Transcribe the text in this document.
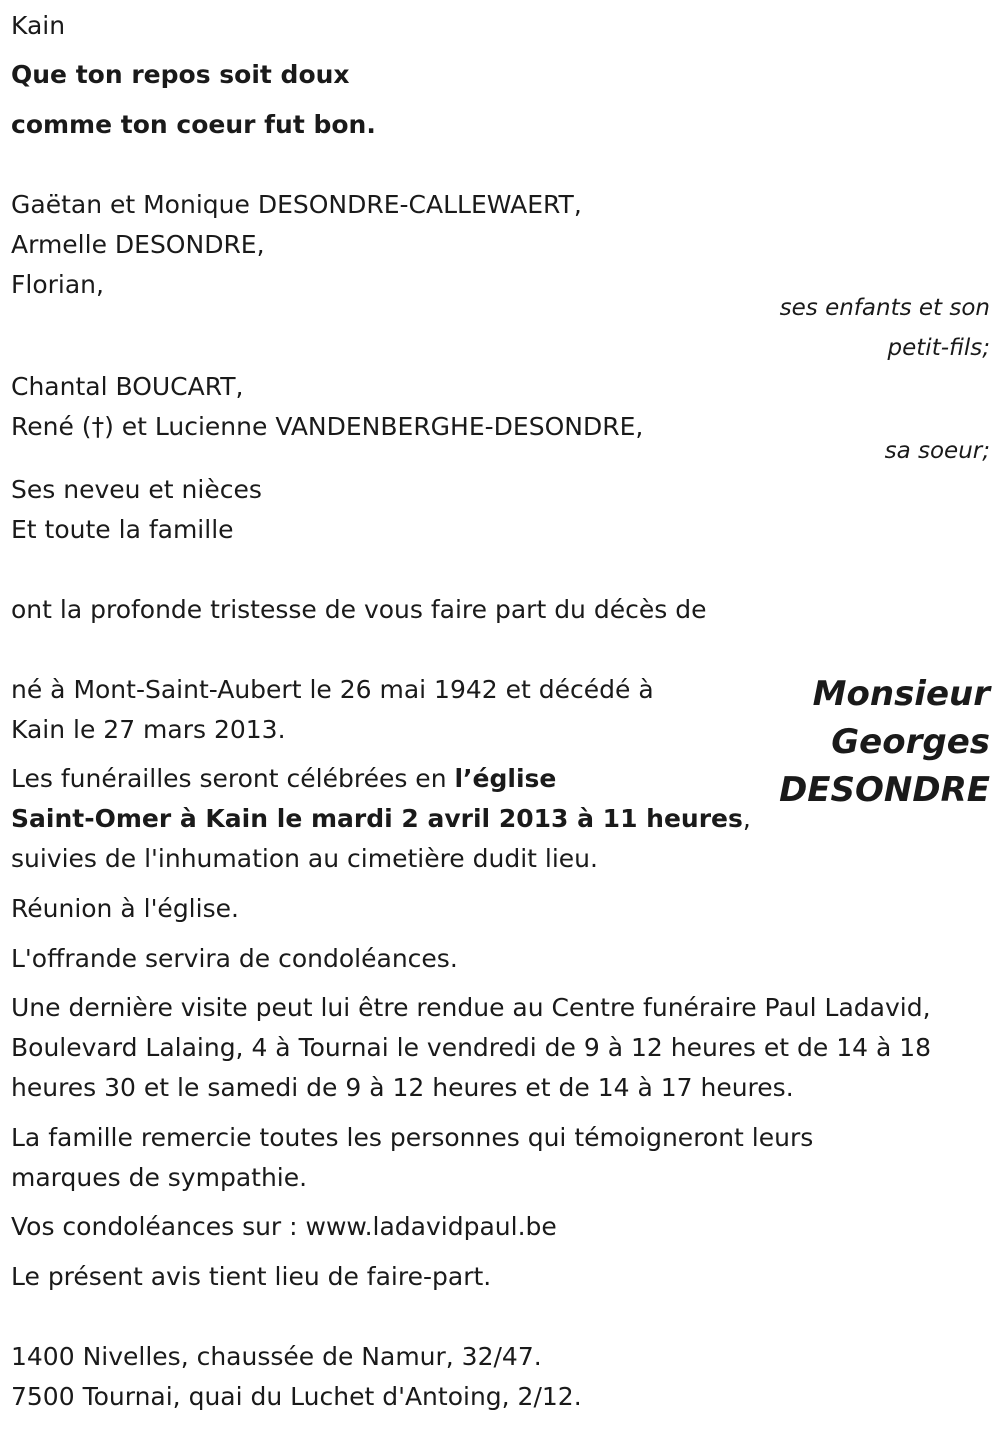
Kain
Que ton repos soit doux
comme ton coeur fut bon.
Gaëtan et Monique DESONDRE-CALLEWAERT,
Armelle DESONDRE,
Florian,
ses enfants et son
petit-fils;
Chantal BOUCART,
René (†) et Lucienne VANDENBERGHE-DESONDRE,
sa soeur;
Ses neveu et nièces
Et toute la famille
ont la profonde tristesse de vous faire part du décès de
Monsieur
Georges
DESONDRE
né à Mont-Saint-Aubert le 26 mai 1942 et décédé à
Kain le 27 mars 2013.
Les funérailles seront célébrées en l’église
Saint-Omer à Kain le mardi 2 avril 2013 à 11 heures,
suivies de l'inhumation au cimetière dudit lieu.
Réunion à l'église.
L'offrande servira de condoléances.
Une dernière visite peut lui être rendue au Centre funéraire Paul Ladavid,
Boulevard Lalaing, 4 à Tournai le vendredi de 9 à 12 heures et de 14 à 18
heures 30 et le samedi de 9 à 12 heures et de 14 à 17 heures.
La famille remercie toutes les personnes qui témoigneront leurs
marques de sympathie.
Vos condoléances sur : www.ladavidpaul.be
Le présent avis tient lieu de faire-part.
1400 Nivelles, chaussée de Namur, 32/47.
7500 Tournai, quai du Luchet d'Antoing, 2/12.
